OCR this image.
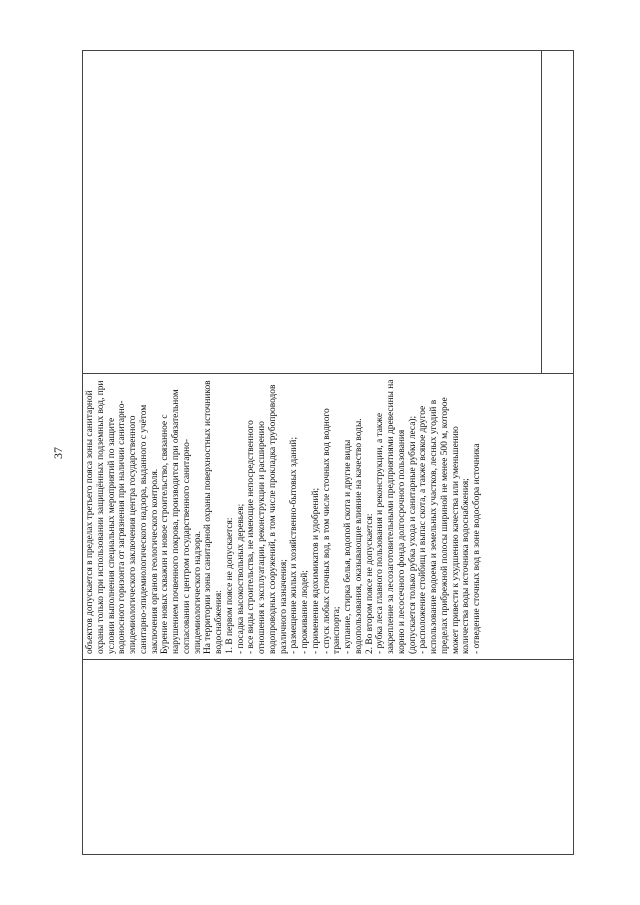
37 объектов допускается в пределах третьего пояса зоны санитарной охраны только при использовании защищённых подземных вод, при условии выполнения специальных мероприятий по защите водоносного горизонта от загрязнения при наличии санитарно- эпидемиологического заключения центра государственного санитарно-эпидемиологического надзора, выданного с учётом заключения органов геологического контроля. Бурение новых скважин и новое строительство, связанное с нарушением почвенного покрова, производится при обязательном согласовании с центром государственного санитарно- эпидемиологического надзора. На территории зоны санитарной охраны поверхностных источников водоснабжения: 1. В первом поясе не допускается: - посадка высокоствольных деревьев; - все виды строительства, не имеющие непосредственного отношения к эксплуатации, реконструкции и расширению водопроводных сооружений, в том числе прокладка трубопроводов различного назначения; - размещение жилых и хозяйственно-бытовых зданий; - проживание людей; - применение ядохимикатов и удобрений; - спуск любых сточных вод, в том числе сточных вод водного транспорта; - купание, стирка белья, водопой скота и другие виды водопользования, оказывающие влияние на качество воды. 2. Во втором поясе не допускается: - рубка леса главного пользования и реконструкции, а также закрепление за лесозаготовительными предприятиями древесины на корню и лесосечного фонда долгосрочного пользования (допускается только рубка ухода и санитарные рубки леса); - расположение стойбищ и выпас скота, а также всякое другое использование водоема и земельных участков, лесных угодий в пределах прибрежной полосы шириной не менее 500 м, которое может привести к ухудшению качества или уменьшению количества воды источника водоснабжения; - отведение сточных вод в зоне водосбора источника
